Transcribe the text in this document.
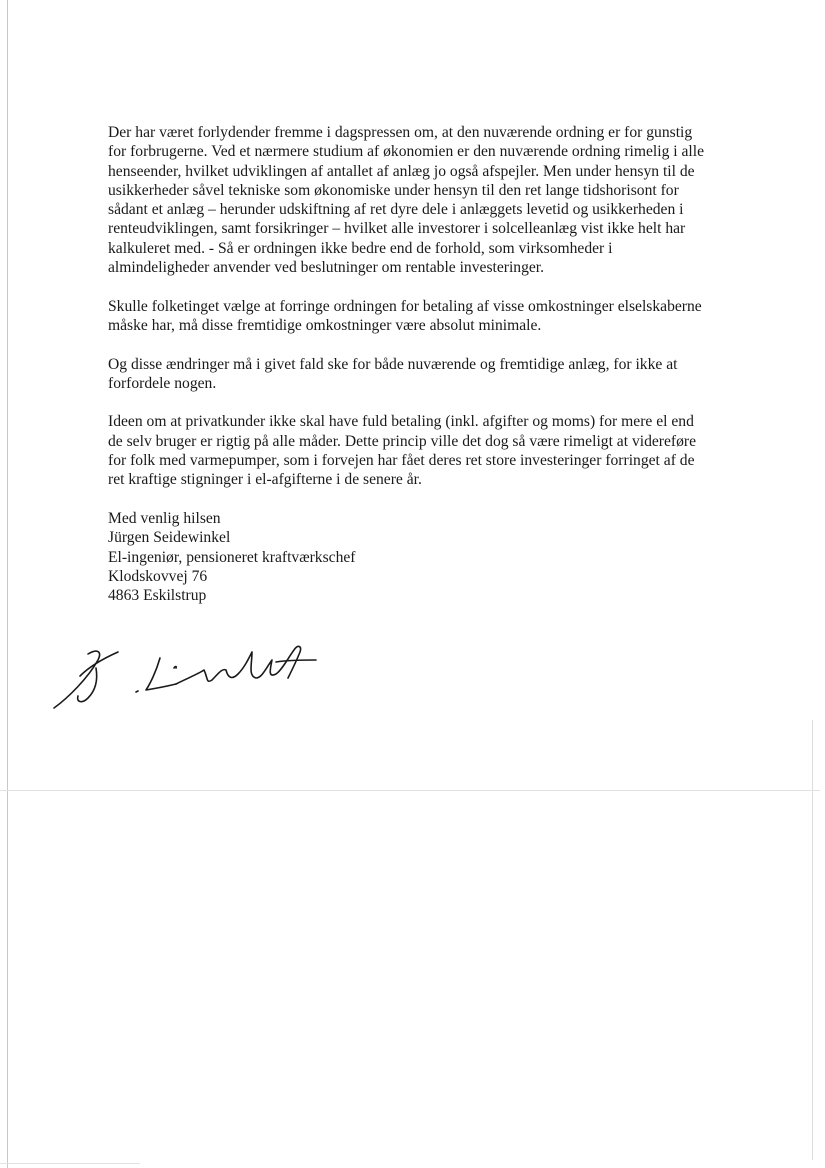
Der har været forlydender fremme i dagspressen om, at den nuværende ordning er for gunstig
for forbrugerne. Ved et nærmere studium af økonomien er den nuværende ordning rimelig i alle
henseender, hvilket udviklingen af antallet af anlæg jo også afspejler. Men under hensyn til de
usikkerheder såvel tekniske som økonomiske under hensyn til den ret lange tidshorisont for
sådant et anlæg – herunder udskiftning af ret dyre dele i anlæggets levetid og usikkerheden i
renteudviklingen, samt forsikringer – hvilket alle investorer i solcelleanlæg vist ikke helt har
kalkuleret med. - Så er ordningen ikke bedre end de forhold, som virksomheder i
almindeligheder anvender ved beslutninger om rentable investeringer.

Skulle folketinget vælge at forringe ordningen for betaling af visse omkostninger elselskaberne
måske har, må disse fremtidige omkostninger være absolut minimale.

Og disse ændringer må i givet fald ske for både nuværende og fremtidige anlæg, for ikke at
forfordele nogen.

Ideen om at privatkunder ikke skal have fuld betaling (inkl. afgifter og moms) for mere el end
de selv bruger er rigtig på alle måder. Dette princip ville det dog så være rimeligt at videreføre
for folk med varmepumper, som i forvejen har fået deres ret store investeringer forringet af de
ret kraftige stigninger i el-afgifterne i de senere år.

Med venlig hilsen
Jürgen Seidewinkel
El-ingeniør, pensioneret kraftværkschef
Klodskovvej 76
4863 Eskilstrup
